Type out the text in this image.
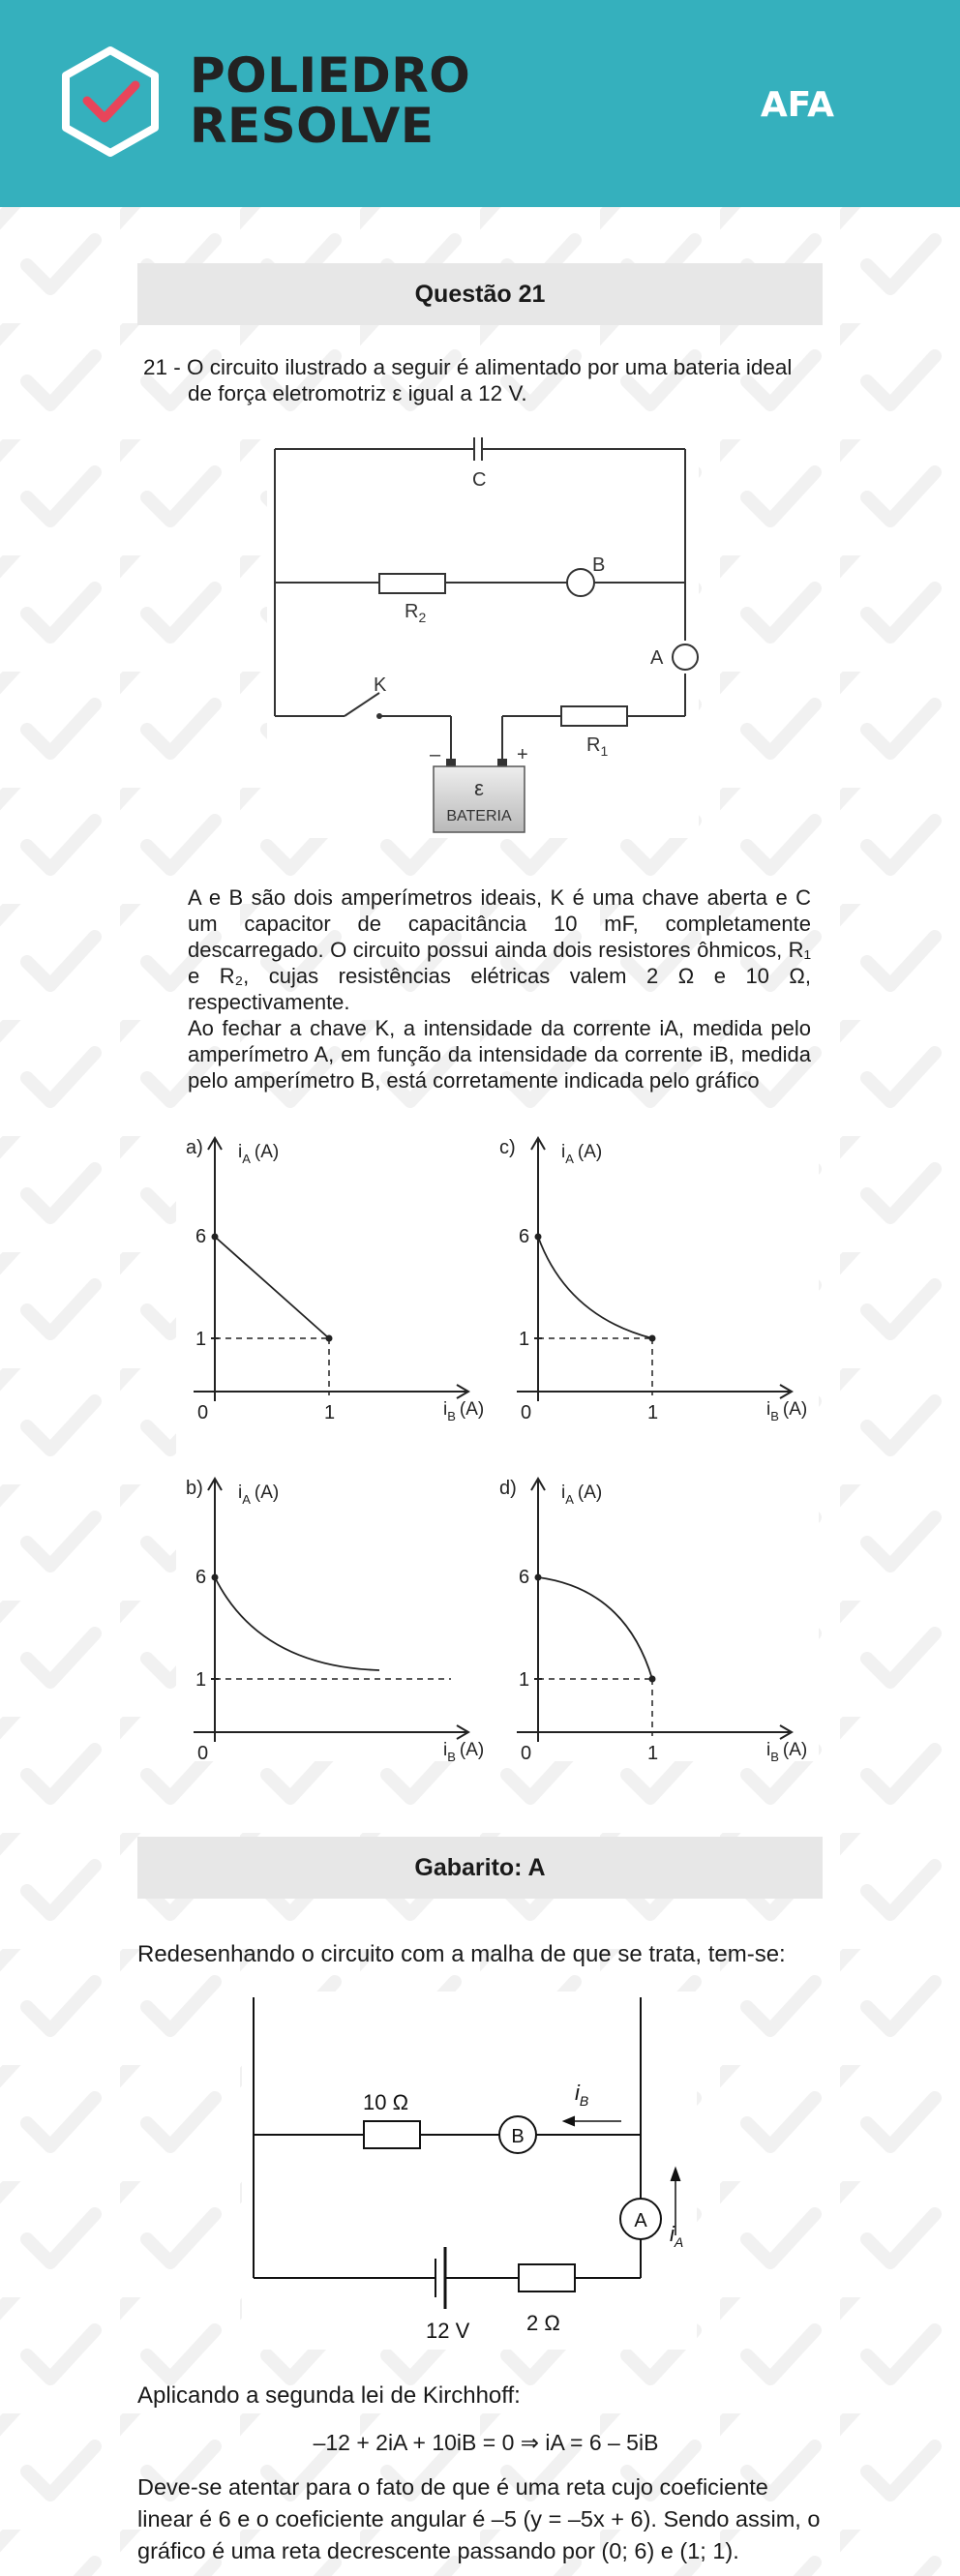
POLIEDRO
RESOLVE	AFA
Questão 21
21 - O circuito ilustrado a seguir é alimentado por uma bateria ideal
de força eletromotriz ε igual a 12 V.
ε
BATERIA
–	+
C
B
A
$R_2$
$R_1$
K
A e B são dois amperímetros ideais, K é uma chave aberta e C um capacitor de capacitância 10 mF, completamente descarregado. O circuito possui ainda dois resistores ôhmicos, R₁ e R₂, cujas resistências elétricas valem 2 Ω e 10 Ω, respectivamente.
Ao fechar a chave K, a intensidade da corrente iA, medida pelo amperímetro A, em função da intensidade da corrente iB, medida pelo amperímetro B, está corretamente indicada pelo gráfico
a) $i_A$ (A)
$i_B$ (A)
6
1
0	1
c) $i_A$ (A)
$i_B$ (A)
6
1
0	1
b) $i_A$ (A)
$i_B$ (A)
6
1
0
d) $i_A$ (A)
$i_B$ (A)
6
1
0	1
Gabarito: A
Redesenhando o circuito com a malha de que se trata, tem-se:
B
A
10 Ω	$i_B$
$i_A$
12 V	2 Ω
Aplicando a segunda lei de Kirchhoff:
–12 + 2iA + 10iB = 0 ⇒ iA = 6 – 5iB
Deve-se atentar para o fato de que é uma reta cujo coeficiente linear é 6 e o coeficiente angular é –5 (y = –5x + 6). Sendo assim, o gráfico é uma reta decrescente passando por (0; 6) e (1; 1).
